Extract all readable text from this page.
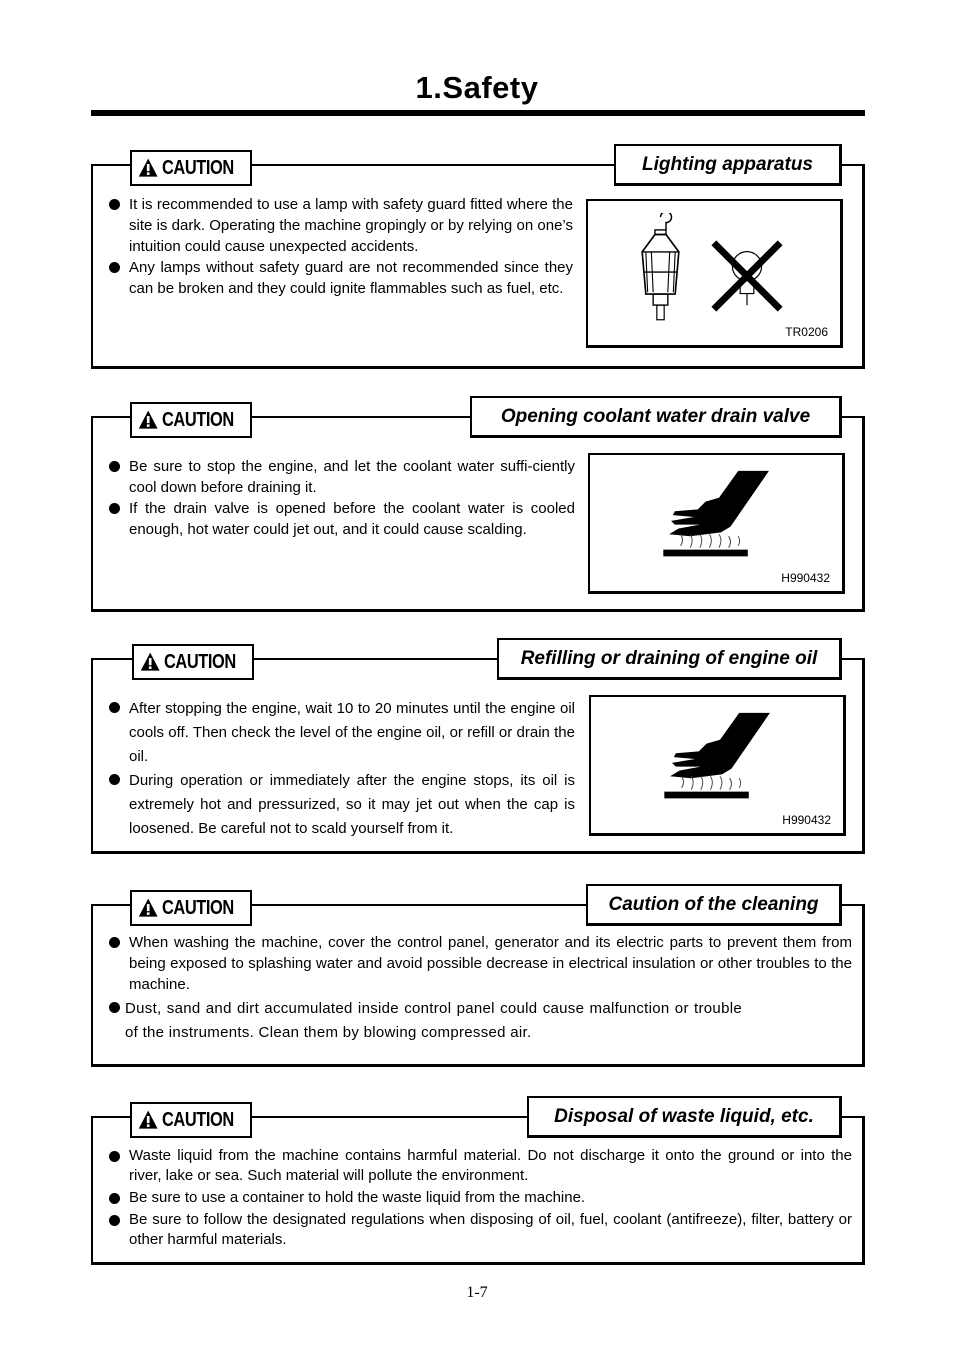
1.Safety
CAUTION	Lighting apparatus
It is recommended to use a lamp with safety guard fitted where the site is dark. Operating the machine gropingly or by relying on one’s intuition could cause unexpected accidents.
Any lamps without safety guard are not recommended since they can be broken and they could ignite flammables such as fuel, etc.
TR0206
CAUTION	Opening coolant water drain valve
Be sure to stop the engine, and let the coolant water suffi-ciently cool down before draining it.
If the drain valve is opened before the coolant water is cooled enough, hot water could jet out, and it could cause scalding.
H990432
CAUTION	Refilling or draining of engine oil
After stopping the engine, wait 10 to 20 minutes until the engine oil cools off. Then check the level of the engine oil, or refill or drain the oil.
During operation or immediately after the engine stops, its oil is extremely hot and pressurized, so it may jet out when the cap is loosened. Be careful not to scald yourself from it.	H990432
CAUTION	Caution of the cleaning
When washing the machine, cover the control panel, generator and its electric parts to prevent them from being exposed to splashing water and avoid possible decrease in electrical insulation or other troubles to the machine.
Dust, sand and dirt accumulated inside control panel could cause malfunction or trouble of the instruments. Clean them by blowing compressed air.
CAUTION	Disposal of waste liquid, etc.
Waste liquid from the machine contains harmful material. Do not discharge it onto the ground or into the river, lake or sea. Such material will pollute the environment.
Be sure to use a container to hold the waste liquid from the machine.
Be sure to follow the designated regulations when disposing of oil, fuel, coolant (antifreeze), filter, battery or other harmful materials.
1-7
